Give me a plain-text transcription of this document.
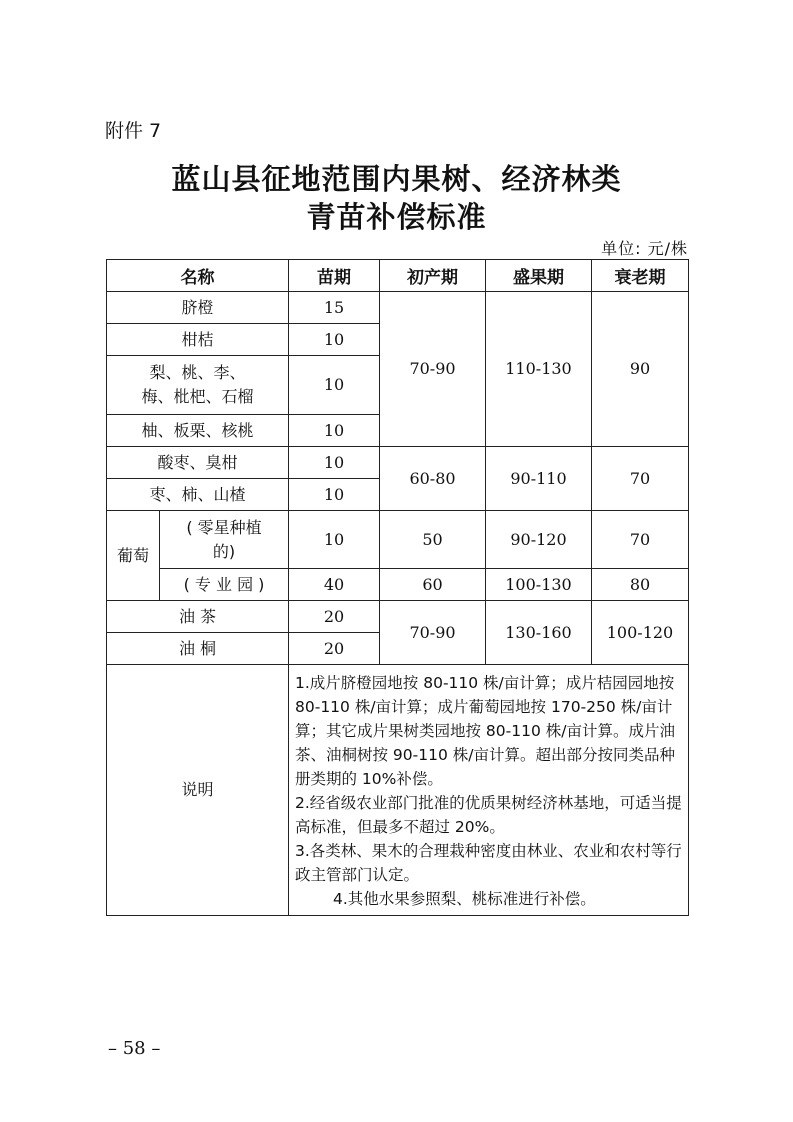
附件 7
蓝山县征地范围内果树、经济林类
青苗补偿标准
单位: 元/株
名称		苗期	初产期	盛果期	衰老期
脐橙		15	70-90	110-130	90
柑桔		10			
梨、桃、李、梅、枇杷、石榴		10			
柚、板栗、核桃		10			
酸枣、臭柑		10	60-80	90-110	70
枣、柿、山楂		10			
葡萄	( 零星种植的)	10	50	90-120	70
	( 专 业 园 )	40	60	100-130	80
油 茶		20	70-90	130-160	100-120
油 桐		20			
说明		1.成片脐橙园地按 80-110 株/亩计算；成片桔园园地按 80-110 株/亩计算；成片葡萄园地按 170-250 株/亩计算；其它成片果树类园地按 80-110 株/亩计算。成片油茶、油桐树按 90-110 株/亩计算。超出部分按同类品种册类期的 10%补偿。

2.经省级农业部门批准的优质果树经济林基地，可适当提高标准，但最多不超过 20%。

3.各类林、果木的合理栽种密度由林业、农业和农村等行政主管部门认定。

4.其他水果参照梨、桃标准进行补偿。			

– 58 –
